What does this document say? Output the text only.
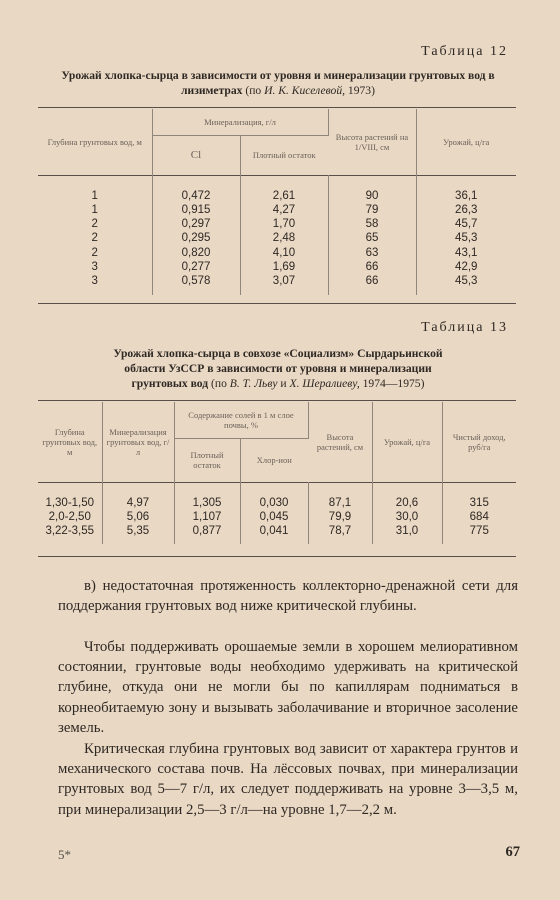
Таблица 12
Урожай хлопка-сырца в зависимости от уровня и минерализации грунтовых вод в лизиметрах (по И. К. Киселевой, 1973)
Глубина грунтовых вод, м	Минерализация, г/л		Высота растений на 1/VIII, см	Урожай, ц/га
	Cl	Плотный остаток		
1	0,472	2,61	90	36,1
1	0,915	4,27	79	26,3
2	0,297	1,70	58	45,7
2	0,295	2,48	65	45,3
2	0,820	4,10	63	43,1
3	0,277	1,69	66	42,9
3	0,578	3,07	66	45,3
Таблица 13
Урожай хлопка-сырца в совхозе «Социализм» Сырдарьинской
области УзССР в зависимости от уровня и минерализации
грунтовых вод (по В. Т. Льву и Х. Шералиеву, 1974—1975)
Глубина грунтовых вод, м	Минерализация грунтовых вод, г/л	Содержание солей в 1 м слое почвы, %		Высота растений, см	Урожай, ц/га	Чистый доход, руб/га
		Плотный остаток	Хлор-ион			
1,30-1,50	4,97	1,305	0,030	87,1	20,6	315
2,0-2,50	5,06	1,107	0,045	79,9	30,0	684
3,22-3,55	5,35	0,877	0,041	78,7	31,0	775

в) недостаточная протяженность коллекторно-дренажной сети для поддержания грунтовых вод ниже критической глубины.

Чтобы поддерживать орошаемые земли в хорошем мелиоративном состоянии, грунтовые воды необходимо удерживать на критической глубине, откуда они не могли бы по капиллярам подниматься в корнеобитаемую зону и вызывать заболачивание и вторичное засоление земель.

Критическая глубина грунтовых вод зависит от характера грунтов и механического состава почв. На лёссовых почвах, при минерализации грунтовых вод 5—7 г/л, их следует поддерживать на уровне 3—3,5 м, при минерализации 2,5—3 г/л—на уровне 1,7—2,2 м.

5*	67
